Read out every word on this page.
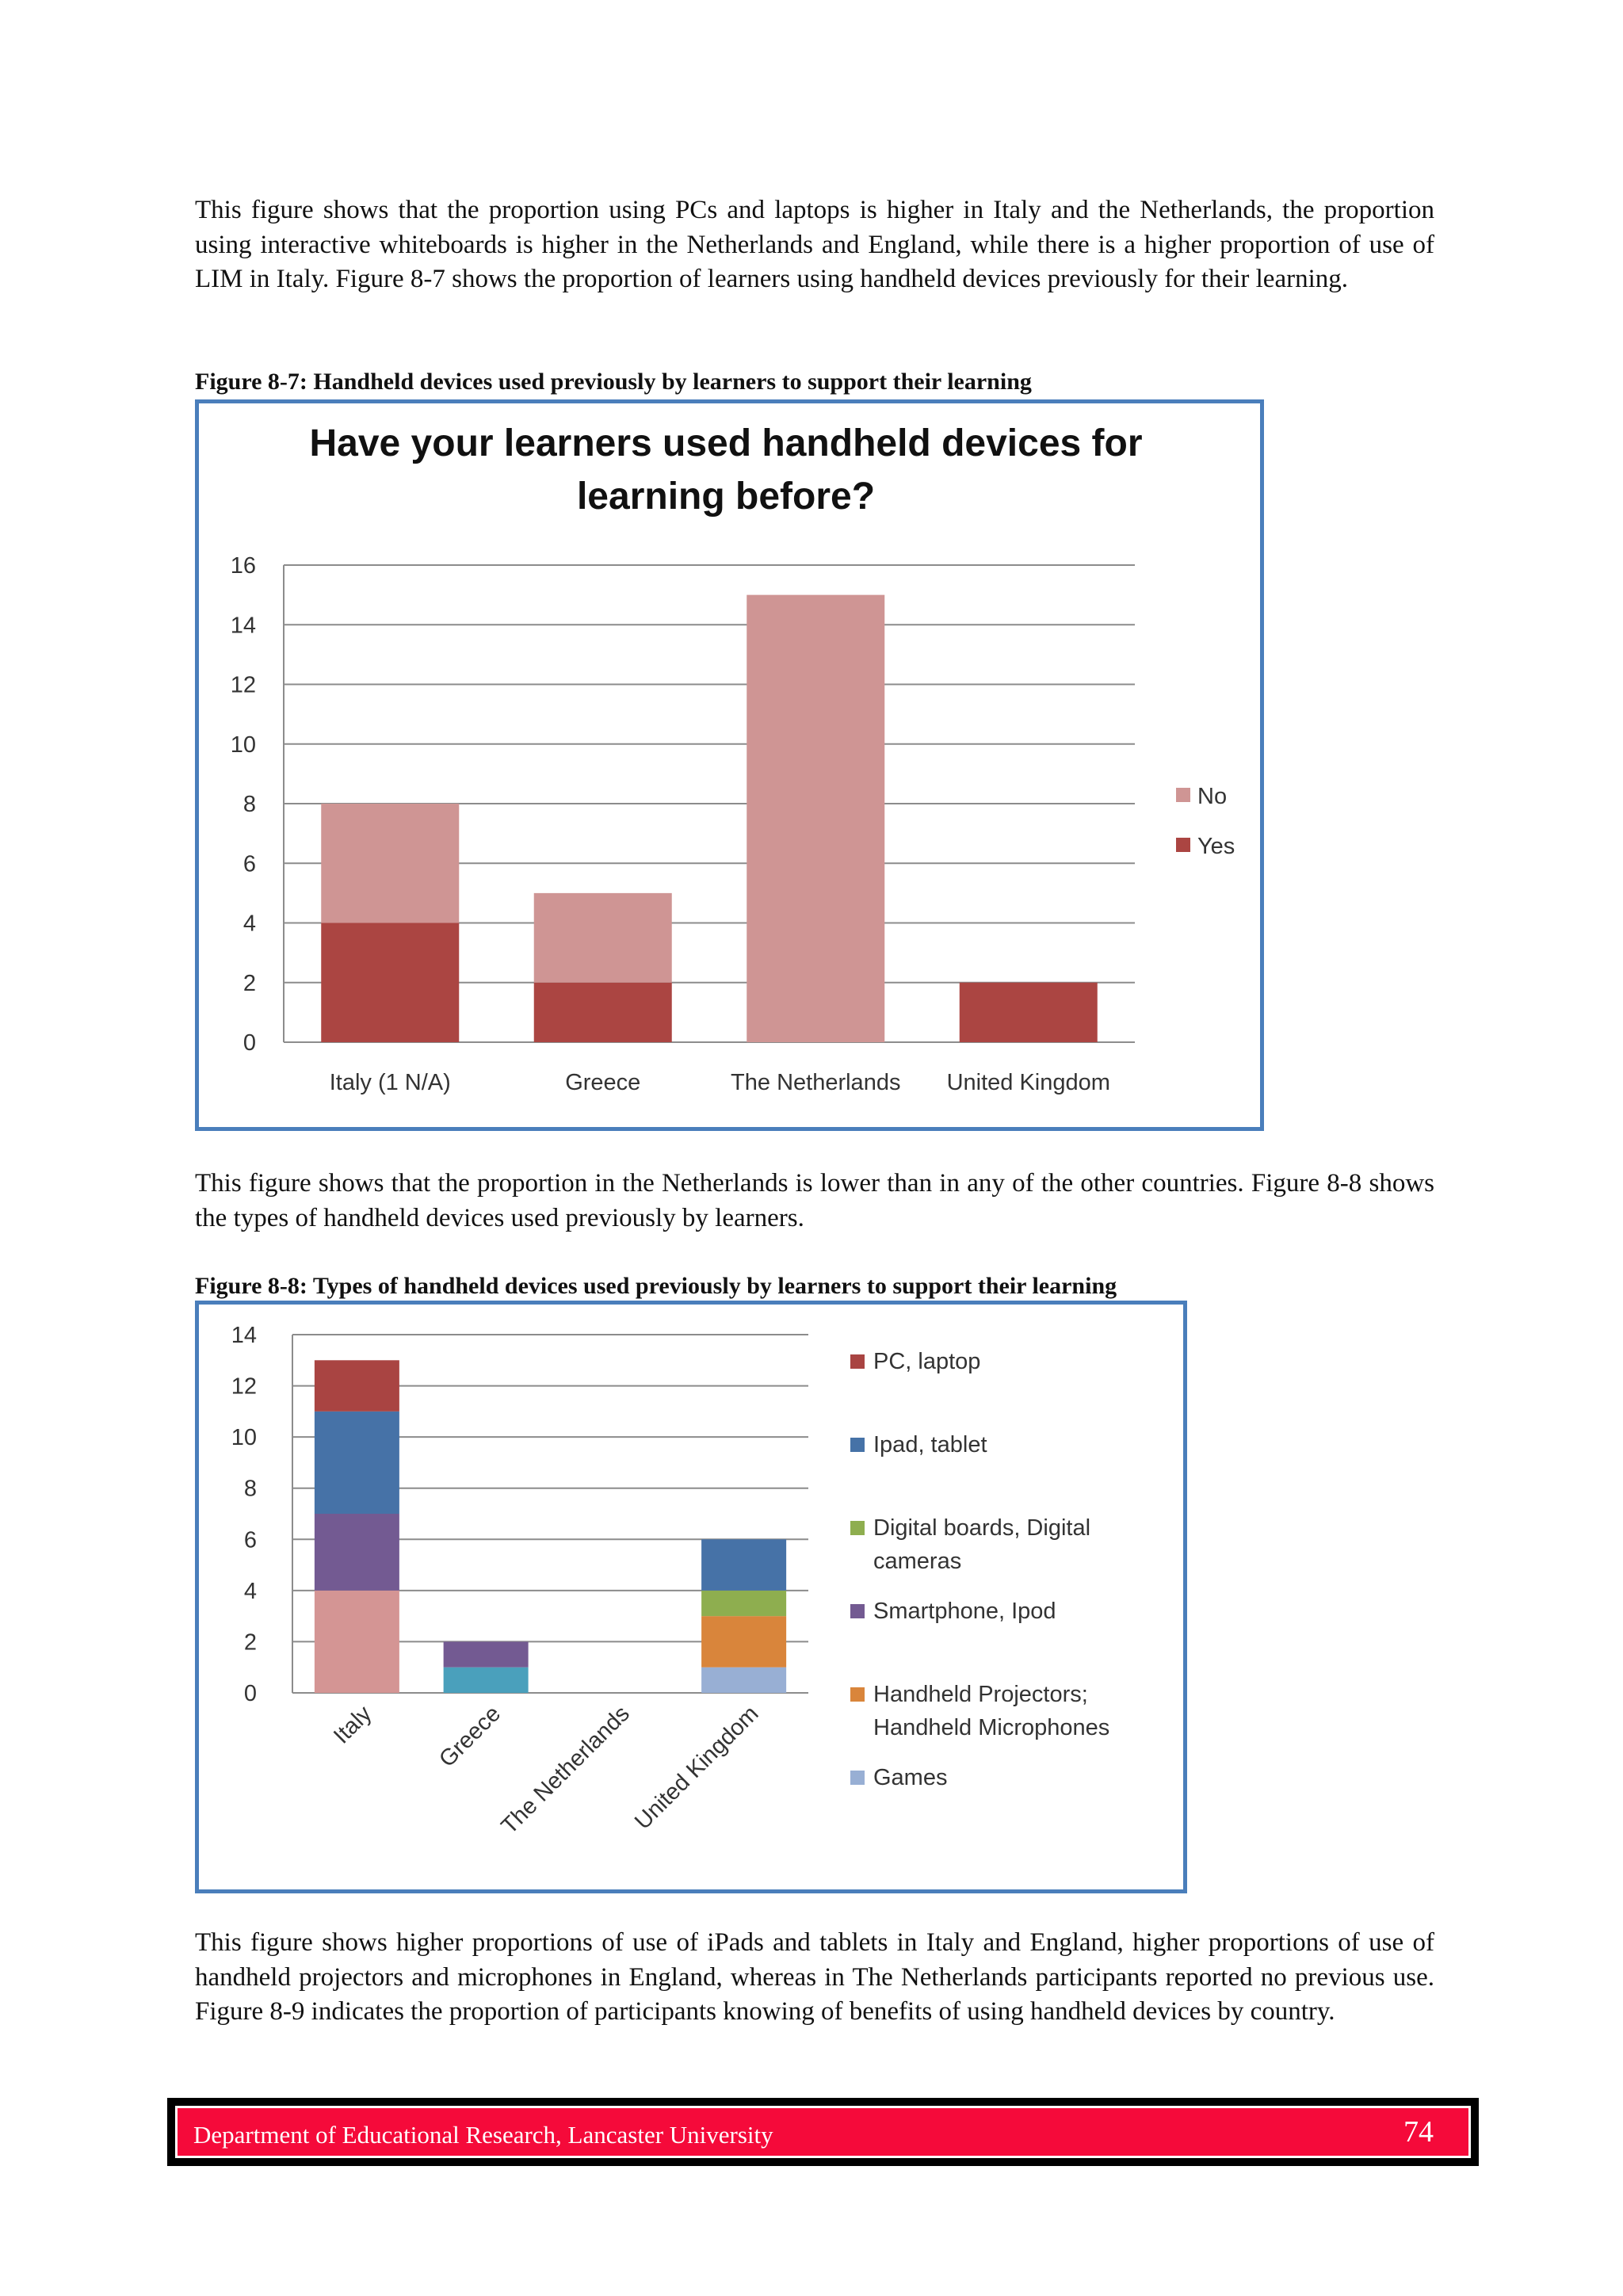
This figure shows that the proportion using PCs and laptops is higher in Italy and the Netherlands, the proportion using interactive whiteboards is higher in the Netherlands and England, while there is a higher proportion of use of LIM in Italy. Figure 8-7 shows the proportion of learners using handheld devices previously for their learning.

Figure 8-7: Handheld devices used previously by learners to support their learning

Have your learners used handheld devices for
learning before?
0
2
4
6
8
10
12
14
16
Italy (1 N/A)	Greece	The Netherlands United Kingdom
No
Yes

This figure shows that the proportion in the Netherlands is lower than in any of the other countries. Figure 8-8 shows the types of handheld devices used previously by learners.

Figure 8-8: Types of handheld devices used previously by learners to support their learning

0
2
4
6
8
10
12
14
Italy	Greece
The Netherlands
United Kingdom
PC, laptop
Ipad, tablet
Digital boards, Digital
cameras
Smartphone, Ipod
Handheld Projectors;
Handheld Microphones
Games

This figure shows higher proportions of use of iPads and tablets in Italy and England, higher proportions of use of handheld projectors and microphones in England, whereas in The Netherlands participants reported no previous use. Figure 8-9 indicates the proportion of participants knowing of benefits of using handheld devices by country.

Department of Educational Research, Lancaster University	74
